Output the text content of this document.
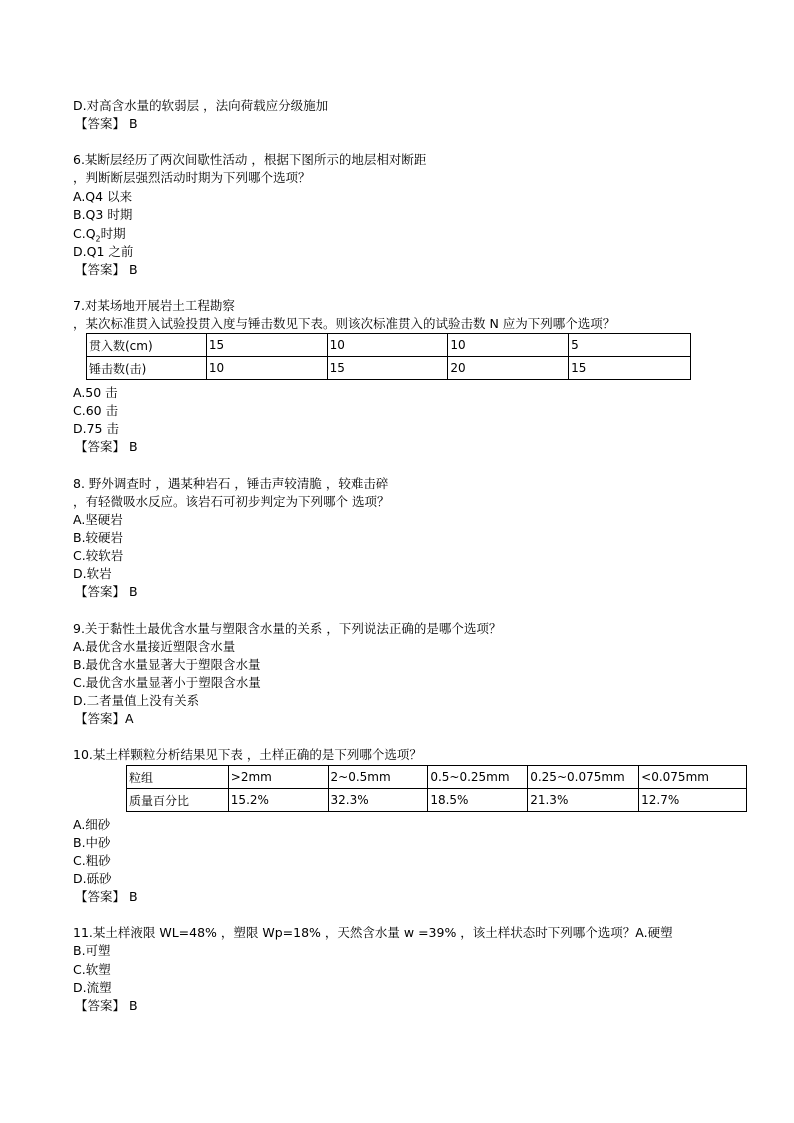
D.对高含水量的软弱层 ，法向荷载应分级施加
【答案】 B
6.某断层经历了两次间歇性活动 ，根据下图所示的地层相对断距
，判断断层强烈活动时期为下列哪个选项？
A.Q4 以来
B.Q3 时期
$C.Q_2$时期
D.Q1 之前
【答案】 B
7.对某场地开展岩土工程勘察
，某次标准贯入试验投贯入度与锤击数见下表。则该次标准贯入的试验击数 N 应为下列哪个选项？
贯入数(cm)	15	10	10	5
锤击数(击)	10	15	20	15
A.50 击
C.60 击
D.75 击
【答案】 B
8. 野外调查时 ，遇某种岩石 ，锤击声较清脆 ，较难击碎
，有轻微吸水反应。该岩石可初步判定为下列哪个 选项？
A.坚硬岩
B.较硬岩
C.较软岩
D.软岩
【答案】 B
9.关于黏性土最优含水量与塑限含水量的关系 ，下列说法正确的是哪个选项？
A.最优含水量接近塑限含水量
B.最优含水量显著大于塑限含水量
C.最优含水量显著小于塑限含水量
D.二者量值上没有关系
【答案】A
10.某土样颗粒分析结果见下表 ，土样正确的是下列哪个选项？
粒组	>2mm	2~0.5mm	0.5~0.25mm	0.25~0.075mm	<0.075mm
质量百分比	15.2%	32.3%	18.5%	21.3%	12.7%
A.细砂
B.中砂
C.粗砂
D.砾砂
【答案】 B
11.某土样液限 WL=48% ，塑限 Wp=18% ，天然含水量 w =39% ，该土样状态时下列哪个选项？A.硬塑
B.可塑
C.软塑
D.流塑
【答案】 B
